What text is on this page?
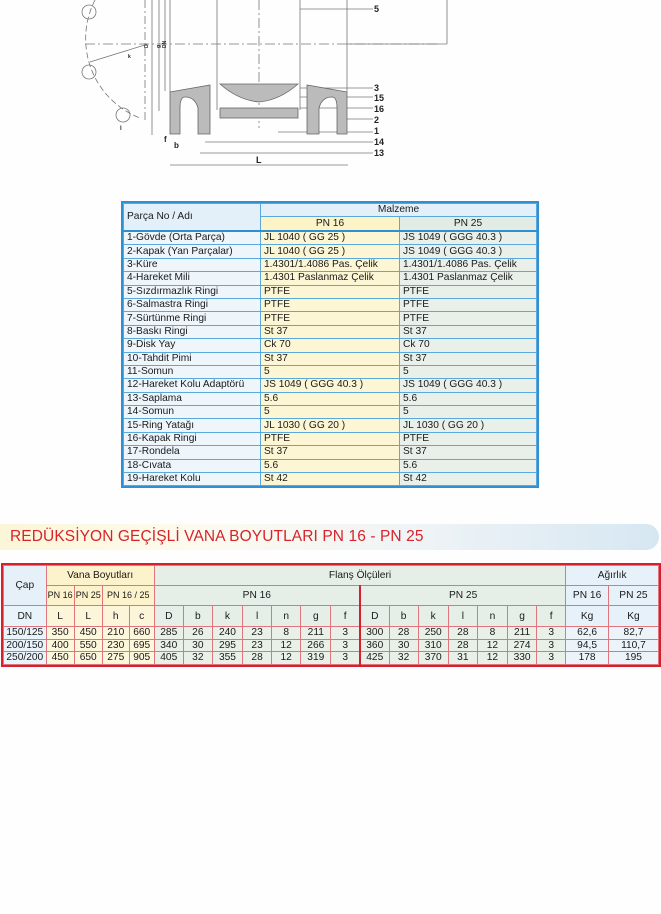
5
3
15
16
2
1
14
13
k
l
g DN
D
f
b
L
Parça No / Adı	Malzeme	
	PN 16	PN 25
1-Gövde (Orta Parça)	JL 1040 ( GG 25 )	JS 1049 ( GGG 40.3 )
2-Kapak (Yan Parçalar)	JL 1040 ( GG 25 )	JS 1049 ( GGG 40.3 )
3-Küre	1.4301/1.4086 Pas. Çelik	1.4301/1.4086 Pas. Çelik
4-Hareket Mili	1.4301 Paslanmaz Çelik	1.4301 Paslanmaz Çelik
5-Sızdırmazlık Ringi	PTFE	PTFE
6-Salmastra Ringi	PTFE	PTFE
7-Sürtünme Ringi	PTFE	PTFE
8-Baskı Ringi	St 37	St 37
9-Disk Yay	Ck 70	Ck 70
10-Tahdit Pimi	St 37	St 37
11-Somun	5	5
12-Hareket Kolu Adaptörü	JS 1049 ( GGG 40.3 )	JS 1049 ( GGG 40.3 )
13-Saplama	5.6	5.6
14-Somun	5	5
15-Ring Yatağı	JL 1030 ( GG 20 )	JL 1030 ( GG 20 )
16-Kapak Ringi	PTFE	PTFE
17-Rondela	St 37	St 37
18-Cıvata	5.6	5.6
19-Hareket Kolu	St 42	St 42
REDÜKSİYON GEÇİŞLİ VANA BOYUTLARI PN 16 - PN 25
Çap	Vana Boyutları				Flanş Ölçüleri														Ağırlık	
	PN 16	PN 25	PN 16 / 25		PN 16							PN 25							PN 16	PN 25
DN	L	L	h	c	D	b	k	l	n	g	f	D	b	k	l	n	g	f	Kg	Kg
150/125	350	450	210	660	285	26	240	23	8	211	3	300	28	250	28	8	211	3	62,6	82,7
200/150	400	550	230	695	340	30	295	23	12	266	3	360	30	310	28	12	274	3	94,5	110,7
250/200	450	650	275	905	405	32	355	28	12	319	3	425	32	370	31	12	330	3	178	195
